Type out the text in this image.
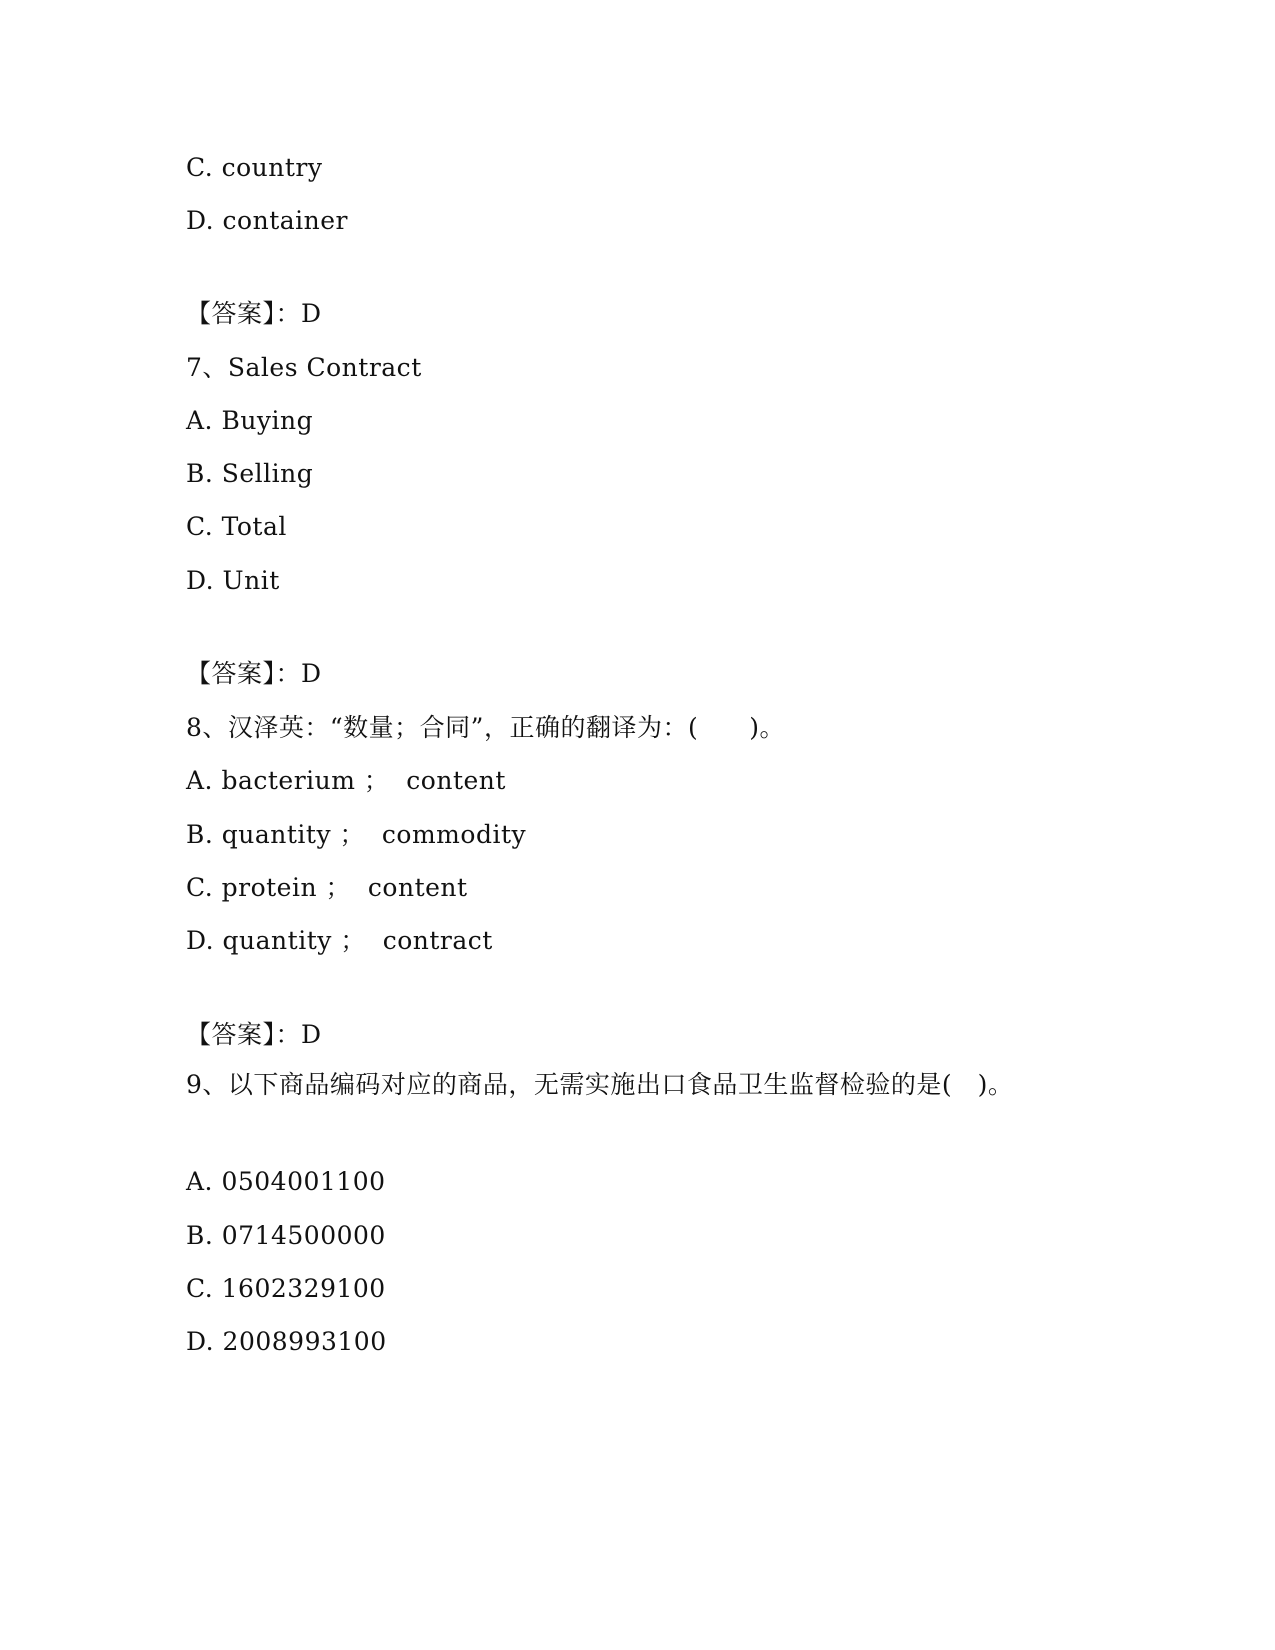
C. country
D. container
【答案】：D
7、Sales Contract
A. Buying
B. Selling
C. Total
D. Unit
【答案】：D
8、汉泽英：“数量；合同”，正确的翻译为：(　　)。
A. bacterium ；  content
B. quantity ；  commodity
C. protein ；  content
D. quantity ；  contract
【答案】：D
9、以下商品编码对应的商品，无需实施出口食品卫生监督检验的是(　)。
A. 0504001100
B. 0714500000
C. 1602329100
D. 2008993100
